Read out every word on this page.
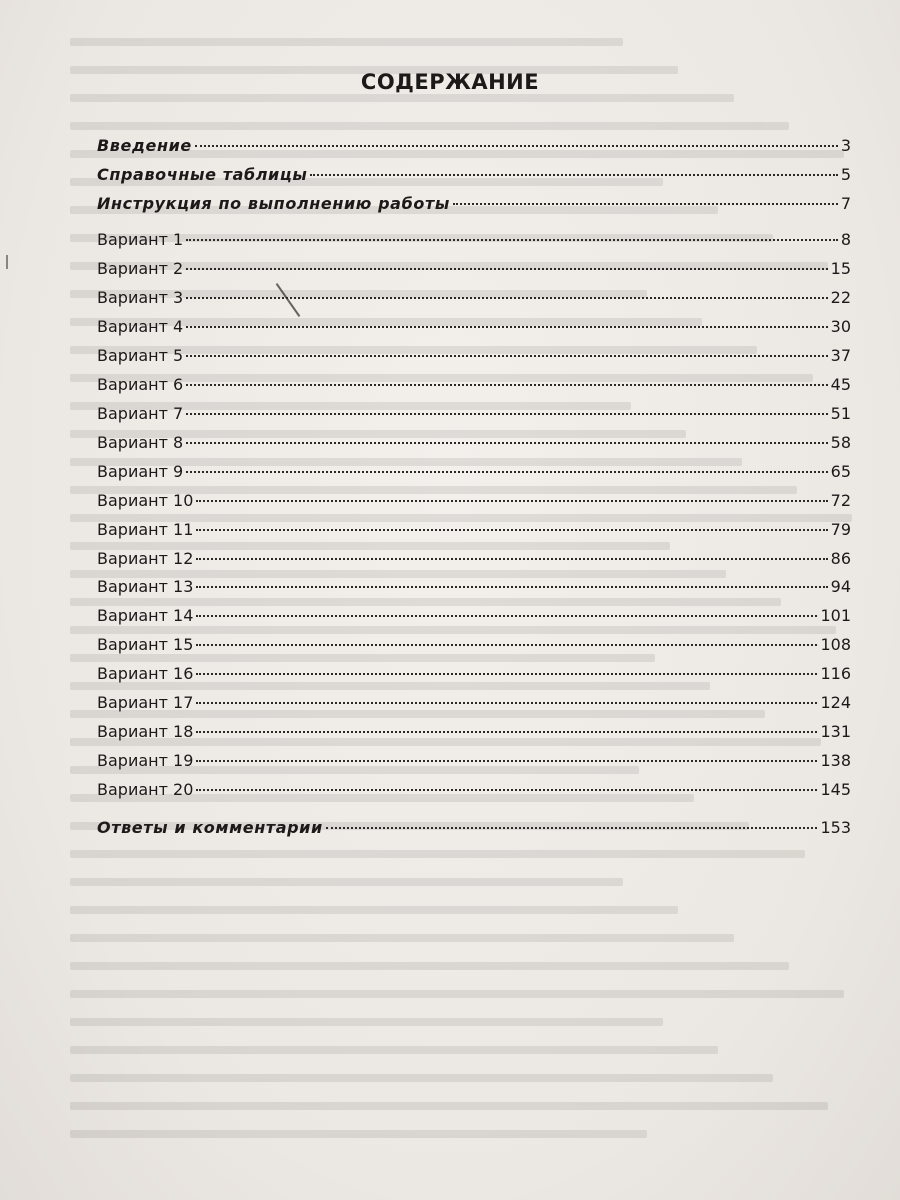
СОДЕРЖАНИЕ
Введение	3
Справочные таблицы	5
Инструкция по выполнению работы	7
Вариант 1	8
Вариант 2	15
Вариант 3	22
Вариант 4	30
Вариант 5	37
Вариант 6	45
Вариант 7	51
Вариант 8	58
Вариант 9	65
Вариант 10	72
Вариант 11	79
Вариант 12	86
Вариант 13	94
Вариант 14	101
Вариант 15	108
Вариант 16	116
Вариант 17	124
Вариант 18	131
Вариант 19	138
Вариант 20	145
Ответы и комментарии	153
